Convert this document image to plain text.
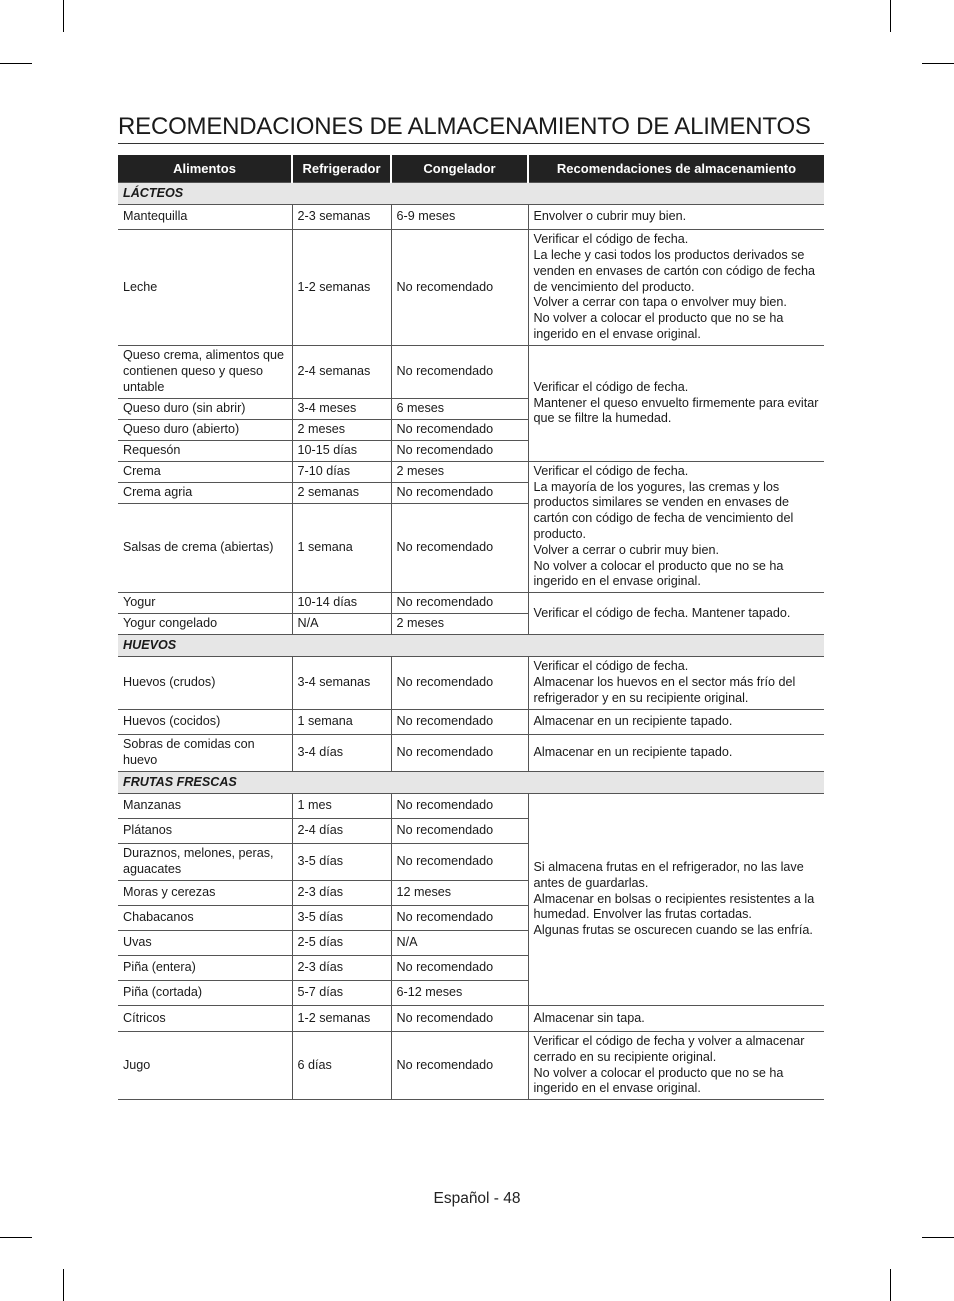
RECOMENDACIONES DE ALMACENAMIENTO DE ALIMENTOS
Alimentos	Refrigerador	Congelador	Recomendaciones de almacenamiento
LÁCTEOS			
Mantequilla	2-3 semanas	6-9 meses	Envolver o cubrir muy bien.
Leche	1-2 semanas	No recomendado	Verificar el código de fecha.
La leche y casi todos los productos derivados se venden en envases de cartón con código de fecha de vencimiento del producto.
Volver a cerrar con tapa o envolver muy bien.
No volver a colocar el producto que no se ha ingerido en el envase original.
Queso crema, alimentos que contienen queso y queso untable	2-4 semanas	No recomendado	Verificar el código de fecha.
Mantener el queso envuelto firmemente para evitar que se filtre la humedad.
Queso duro (sin abrir)	3-4 meses	6 meses	
Queso duro (abierto)	2 meses	No recomendado	
Requesón	10-15 días	No recomendado	
Crema	7-10 días	2 meses	Verificar el código de fecha.
La mayoría de los yogures, las cremas y los productos similares se venden en envases de cartón con código de fecha de vencimiento del producto.
Volver a cerrar o cubrir muy bien.
No volver a colocar el producto que no se ha ingerido en el envase original.
Crema agria	2 semanas	No recomendado	
Salsas de crema (abiertas)	1 semana	No recomendado	
Yogur	10-14 días	No recomendado	Verificar el código de fecha. Mantener tapado.
Yogur congelado	N/A	2 meses	
HUEVOS			
Huevos (crudos)	3-4 semanas	No recomendado	Verificar el código de fecha.
Almacenar los huevos en el sector más frío del refrigerador y en su recipiente original.
Huevos (cocidos)	1 semana	No recomendado	Almacenar en un recipiente tapado.
Sobras de comidas con huevo	3-4 días	No recomendado	Almacenar en un recipiente tapado.
FRUTAS FRESCAS			
Manzanas	1 mes	No recomendado	Si almacena frutas en el refrigerador, no las lave antes de guardarlas.
Almacenar en bolsas o recipientes resistentes a la humedad. Envolver las frutas cortadas.
Algunas frutas se oscurecen cuando se las enfría.
Plátanos	2-4 días	No recomendado	
Duraznos, melones, peras, aguacates	3-5 días	No recomendado	
Moras y cerezas	2-3 días	12 meses	
Chabacanos	3-5 días	No recomendado	
Uvas	2-5 días	N/A	
Piña (entera)	2-3 días	No recomendado	
Piña (cortada)	5-7 días	6-12 meses	
Cítricos	1-2 semanas	No recomendado	Almacenar sin tapa.
Jugo	6 días	No recomendado	Verificar el código de fecha y volver a almacenar cerrado en su recipiente original.
No volver a colocar el producto que no se ha ingerido en el envase original.
Español - 48
